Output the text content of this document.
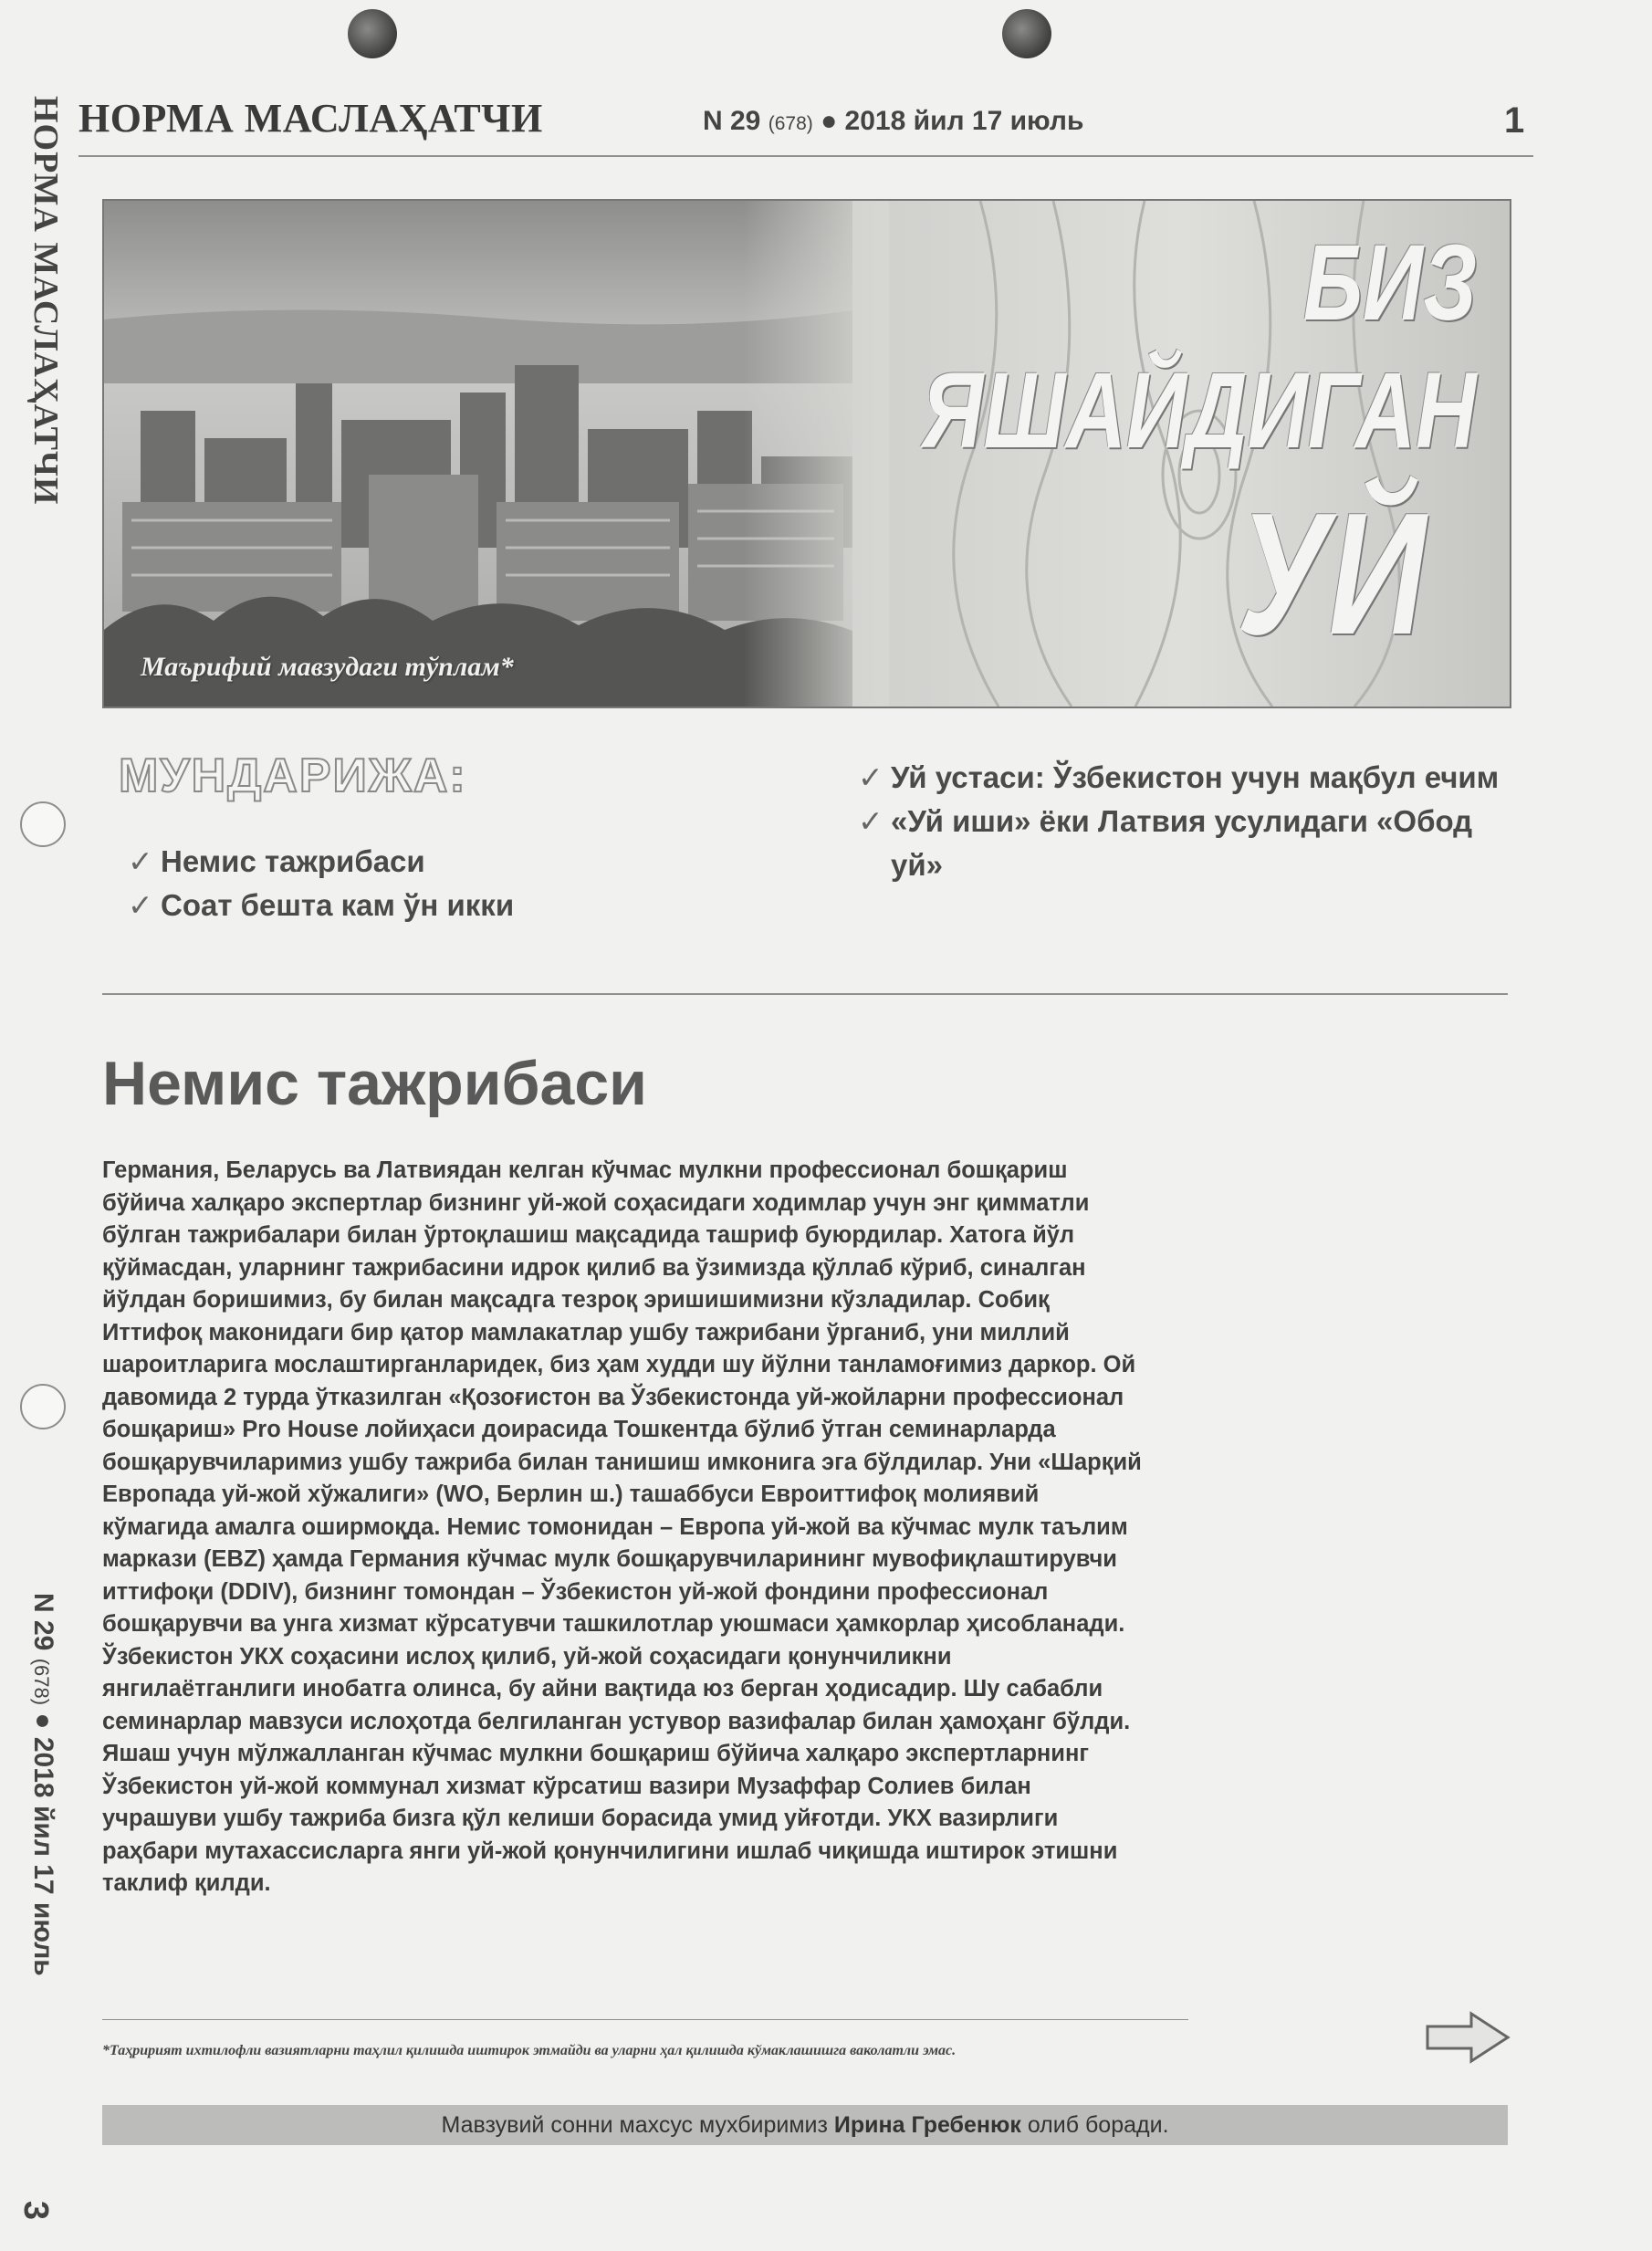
НОРМА МАСЛАҲАТЧИ
N 29 (678) ● 2018 йил 17 июль
3
НОРМА МАСЛАҲАТЧИ	N 29 (678) ● 2018 йил 17 июль	1
БИЗ
ЯШАЙДИГАН
УЙ
Маърифий мавзудаги тўплам*
МУНДАРИЖА:
✓ Немис тажрибаси
✓ Соат бешта кам ўн икки
✓ Уй устаси: Ўзбекистон учун мақбул ечим
✓ «Уй иши» ёки Латвия усулидаги «Обод уй»
Немис тажрибаси
Германия, Беларусь ва Латвиядан келган кўчмас мулкни профессионал бошқариш
бўйича халқаро экспертлар бизнинг уй-жой соҳасидаги ходимлар учун энг қимматли
бўлган тажрибалари билан ўртоқлашиш мақсадида ташриф буюрдилар. Хатога йўл
қўймасдан, уларнинг тажрибасини идрок қилиб ва ўзимизда қўллаб кўриб, синалган
йўлдан боришимиз, бу билан мақсадга тезроқ эришишимизни кўзладилар. Собиқ
Иттифоқ маконидаги бир қатор мамлакатлар ушбу тажрибани ўрганиб, уни миллий
шароитларига мослаштирганларидек, биз ҳам худди шу йўлни танламоғимиз даркор. Ой
давомида 2 турда ўтказилган «Қозоғистон ва Ўзбекистонда уй-жойларни профессионал
бошқариш» Pro House лойиҳаси доирасида Тошкентда бўлиб ўтган семинарларда
бошқарувчиларимиз ушбу тажриба билан танишиш имконига эга бўлдилар. Уни «Шарқий
Европада уй-жой хўжалиги» (WO, Берлин ш.) ташаббуси Евроиттифоқ молиявий
кўмагида амалга оширмоқда. Немис томонидан – Европа уй-жой ва кўчмас мулк таълим
маркази (EBZ) ҳамда Германия кўчмас мулк бошқарувчиларининг мувофиқлаштирувчи
иттифоқи (DDIV), бизнинг томондан – Ўзбекистон уй-жой фондини профессионал
бошқарувчи ва унга хизмат кўрсатувчи ташкилотлар уюшмаси ҳамкорлар ҳисобланади.
Ўзбекистон УКХ соҳасини ислоҳ қилиб, уй-жой соҳасидаги қонунчиликни
янгилаётганлиги инобатга олинса, бу айни вақтида юз берган ҳодисадир. Шу сабабли
семинарлар мавзуси ислоҳотда белгиланган устувор вазифалар билан ҳамоҳанг бўлди.
Яшаш учун мўлжалланган кўчмас мулкни бошқариш бўйича халқаро экспертларнинг
Ўзбекистон уй-жой коммунал хизмат кўрсатиш вазири Музаффар Солиев билан
учрашуви ушбу тажриба бизга қўл келиши борасида умид уйғотди. УКХ вазирлиги
раҳбари мутахассисларга янги уй-жой қонунчилигини ишлаб чиқишда иштирок этишни
таклиф қилди.
*Таҳририят ихтилофли вазиятларни таҳлил қилишда иштирок этмайди ва уларни ҳал қилишда кўмаклашишга ваколатли эмас.
Мавзувий сонни махсус мухбиримиз Ирина Гребенюк олиб боради.
